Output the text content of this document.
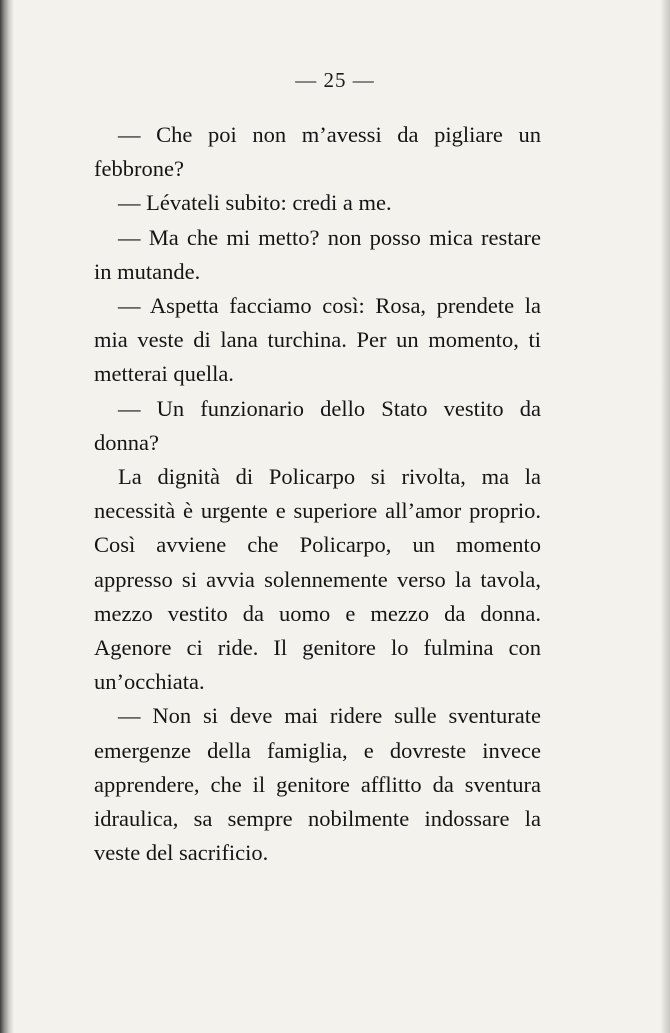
— 25 —

— Che poi non m’avessi da pigliare un febbrone?

— Lévateli subito: credi a me.

— Ma che mi metto? non posso mica restare in mutande.

— Aspetta facciamo così: Rosa, prendete la mia veste di lana turchina. Per un momento, ti metterai quella.

— Un funzionario dello Stato vestito da donna?

La dignità di Policarpo si rivolta, ma la necessità è urgente e superiore all’amor proprio. Così avviene che Policarpo, un momento appresso si avvia solennemente verso la tavola, mezzo vestito da uomo e mezzo da donna. Agenore ci ride. Il genitore lo fulmina con un’occhiata.

— Non si deve mai ridere sulle sventurate emergenze della famiglia, e dovreste invece apprendere, che il genitore afflitto da sventura idraulica, sa sempre nobilmente indossare la veste del sacrificio.
